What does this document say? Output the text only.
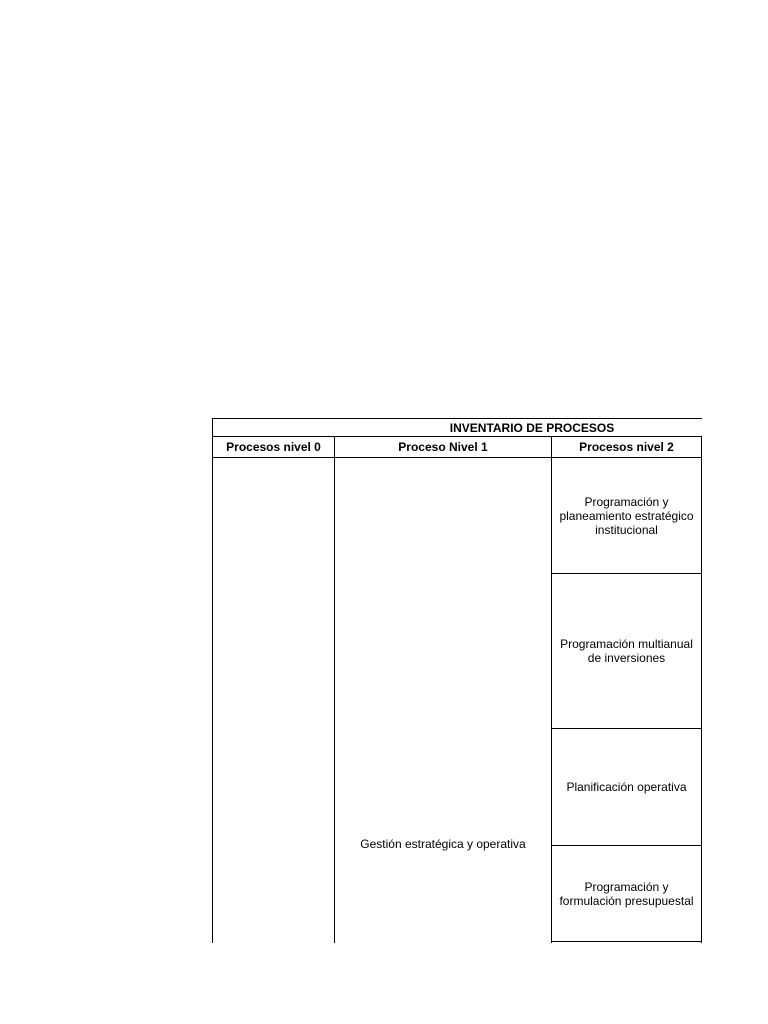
INVENTARIO DE PROCESOS
Procesos nivel 0	Proceso Nivel 1	Procesos nivel 2
Gestión estratégica y operativa
Programación y planeamiento estratégico institucional
Programación multianual de inversiones
Planificación operativa
Programación y formulación presupuestal
